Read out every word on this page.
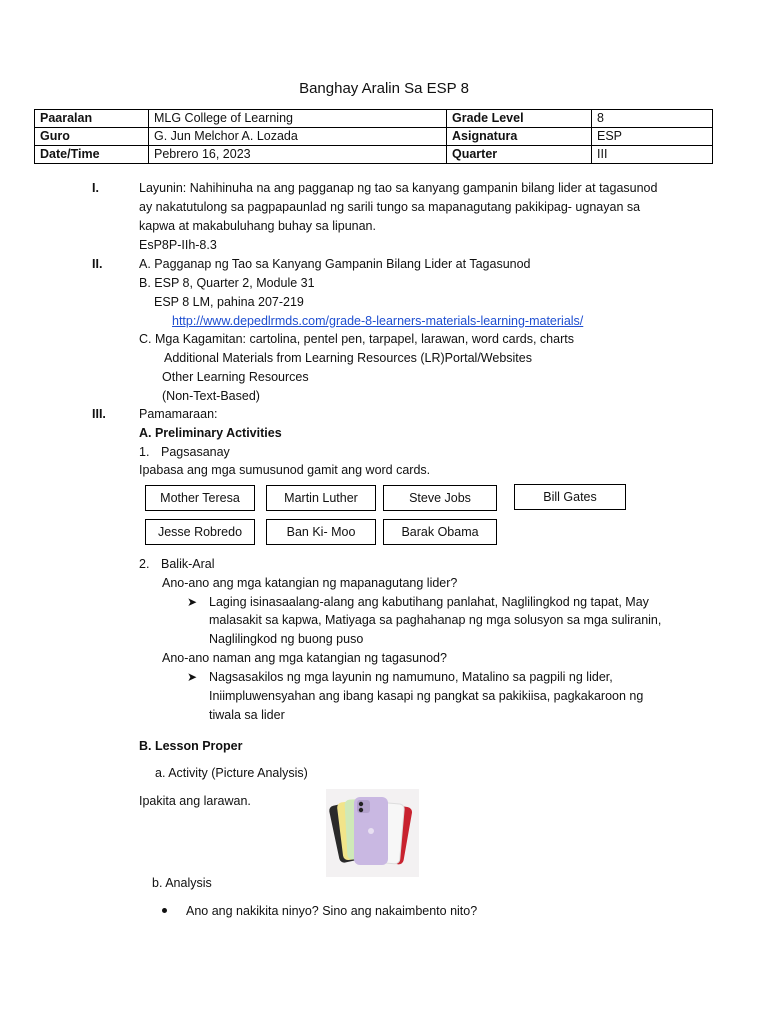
Banghay Aralin Sa ESP 8
Paaralan	MLG College of Learning	Grade Level	8
Guro	G. Jun Melchor A. Lozada	Asignatura	ESP
Date/Time	Pebrero 16, 2023	Quarter	III
I.	Layunin: Nahihinuha na ang pagganap ng tao sa kanyang gampanin bilang lider at tagasunod
ay nakatutulong sa pagpapaunlad ng sarili tungo sa mapanagutang pakikipag- ugnayan sa
kapwa at makabuluhang buhay sa lipunan.
EsP8P-IIh-8.3
II.	A. Pagganap ng Tao sa Kanyang Gampanin Bilang Lider at Tagasunod
B. ESP 8, Quarter 2, Module 31
ESP 8 LM, pahina 207-219
http://www.depedlrmds.com/grade-8-learners-materials-learning-materials/
C. Mga Kagamitan: cartolina, pentel pen, tarpapel, larawan, word cards, charts
Additional Materials from Learning Resources (LR)Portal/Websites
Other Learning Resources
(Non-Text-Based)
III.	Pamamaraan:
A. Preliminary Activities
1. Pagsasanay
Ipabasa ang mga sumusunod gamit ang word cards.
Mother Teresa	Martin Luther	Steve Jobs	Bill Gates
Jesse Robredo	Ban Ki- Moo	Barak Obama
2. Balik-Aral
Ano-ano ang mga katangian ng mapanagutang lider?
➤ Laging isinasaalang-alang ang kabutihang panlahat, Naglilingkod ng tapat, May
malasakit sa kapwa, Matiyaga sa paghahanap ng mga solusyon sa mga suliranin,
Naglilingkod ng buong puso
Ano-ano naman ang mga katangian ng tagasunod?
➤ Nagsasakilos ng mga layunin ng namumuno, Matalino sa pagpili ng lider,
Iniimpluwensyahan ang ibang kasapi ng pangkat sa pakikiisa, pagkakaroon ng
tiwala sa lider
B. Lesson Proper
a. Activity (Picture Analysis)
Ipakita ang larawan.
b. Analysis
Ano ang nakikita ninyo? Sino ang nakaimbento nito?
